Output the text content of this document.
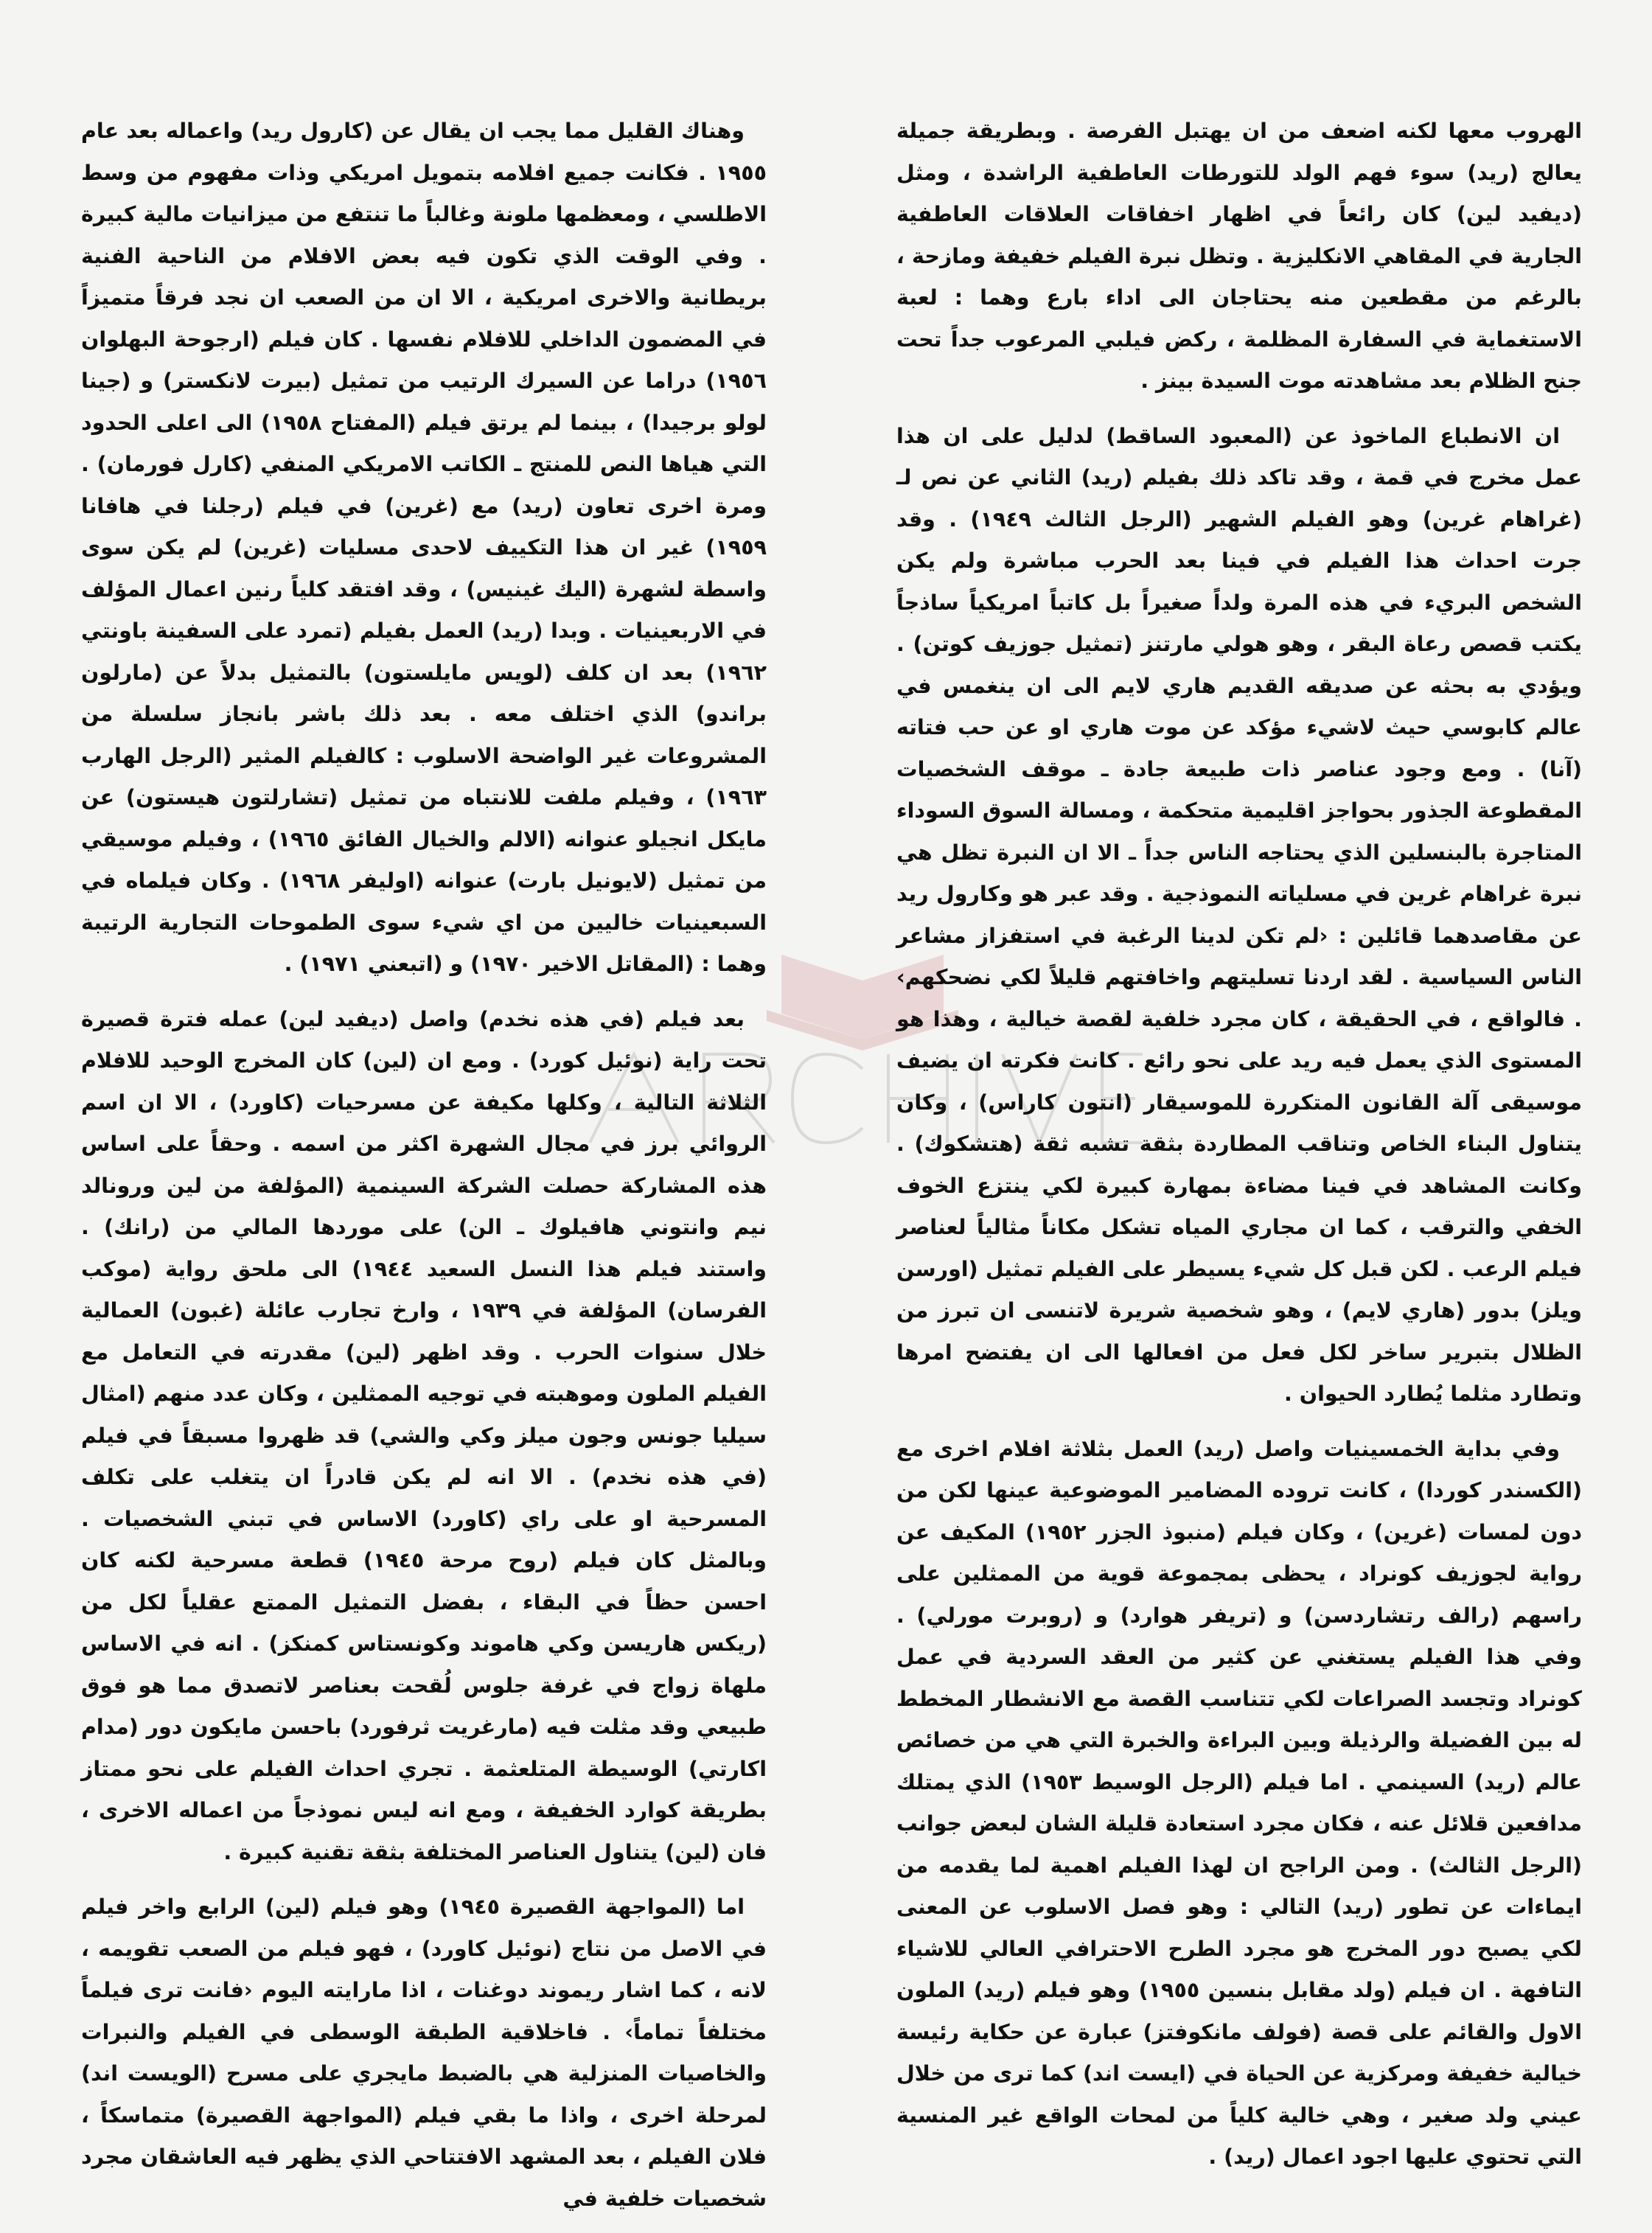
الهروب معها لكنه اضعف من ان يهتبل الفرصة . وبطريقة جميلة يعالج (ريد) سوء فهم الولد للتورطات العاطفية الراشدة ، ومثل (ديفيد لين) كان رائعاً في اظهار اخفاقات العلاقات العاطفية الجارية في المقاهي الانكليزية . وتظل نبرة الفيلم خفيفة ومازحة ، بالرغم من مقطعين منه يحتاجان الى اداء بارع وهما : لعبة الاستغماية في السفارة المظلمة ، ركض فيلبي المرعوب جداً تحت جنح الظلام بعد مشاهدته موت السيدة بينز .

ان الانطباع الماخوذ عن (المعبود الساقط) لدليل على ان هذا عمل مخرج في قمة ، وقد تاكد ذلك بفيلم (ريد) الثاني عن نص لـ (غراهام غرين) وهو الفيلم الشهير (الرجل الثالث ١٩٤٩) . وقد جرت احداث هذا الفيلم في فينا بعد الحرب مباشرة ولم يكن الشخص البريء في هذه المرة ولداً صغيراً بل كاتباً امريكياً ساذجاً يكتب قصص رعاة البقر ، وهو هولي مارتنز (تمثيل جوزيف كوتن) . ويؤدي به بحثه عن صديقه القديم هاري لايم الى ان ينغمس في عالم كابوسي حيث لاشيء مؤكد عن موت هاري او عن حب فتاته (آنا) . ومع وجود عناصر ذات طبيعة جادة ـ موقف الشخصيات المقطوعة الجذور بحواجز اقليمية متحكمة ، ومسالة السوق السوداء المتاجرة بالبنسلين الذي يحتاجه الناس جداً ـ الا ان النبرة تظل هي نبرة غراهام غرين في مسلياته النموذجية . وقد عبر هو وكارول ريد عن مقاصدهما قائلين : ‹لم تكن لدينا الرغبة في استفزاز مشاعر الناس السياسية . لقد اردنا تسليتهم واخافتهم قليلاً لكي نضحكهم› . فالواقع ، في الحقيقة ، كان مجرد خلفية لقصة خيالية ، وهذا هو المستوى الذي يعمل فيه ريد على نحو رائع . كانت فكرته ان يضيف موسيقى آلة القانون المتكررة للموسيقار (انتون كاراس) ، وكان يتناول البناء الخاص وتناقب المطاردة بثقة تشبه ثقة (هتشكوك) . وكانت المشاهد في فينا مضاءة بمهارة كبيرة لكي ينتزع الخوف الخفي والترقب ، كما ان مجاري المياه تشكل مكاناً مثالياً لعناصر فيلم الرعب . لكن قبل كل شيء يسيطر على الفيلم تمثيل (اورسن ويلز) بدور (هاري لايم) ، وهو شخصية شريرة لاتنسى ان تبرز من الظلال بتبرير ساخر لكل فعل من افعالها الى ان يفتضح امرها وتطارد مثلما يُطارد الحيوان .

وفي بداية الخمسينيات واصل (ريد) العمل بثلاثة افلام اخرى مع (الكسندر كوردا) ، كانت تروده المضامير الموضوعية عينها لكن من دون لمسات (غرين) ، وكان فيلم (منبوذ الجزر ١٩٥٢) المكيف عن رواية لجوزيف كونراد ، يحظى بمجموعة قوية من الممثلين على راسهم (رالف رتشاردسن) و (تريفر هوارد) و (روبرت مورلي) . وفي هذا الفيلم يستغني عن كثير من العقد السردية في عمل كونراد وتجسد الصراعات لكي تتناسب القصة مع الانشطار المخطط له بين الفضيلة والرذيلة وبين البراءة والخبرة التي هي من خصائص عالم (ريد) السينمي . اما فيلم (الرجل الوسيط ١٩٥٣) الذي يمتلك مدافعين قلائل عنه ، فكان مجرد استعادة قليلة الشان لبعض جوانب (الرجل الثالث) . ومن الراجح ان لهذا الفيلم اهمية لما يقدمه من ايماءات عن تطور (ريد) التالي : وهو فصل الاسلوب عن المعنى لكي يصبح دور المخرج هو مجرد الطرح الاحترافي العالي للاشياء التافهة . ان فيلم (ولد مقابل بنسين ١٩٥٥) وهو فيلم (ريد) الملون الاول والقائم على قصة (فولف مانكوفتز) عبارة عن حكاية رئيسة خيالية خفيفة ومركزية عن الحياة في (ايست اند) كما ترى من خلال عيني ولد صغير ، وهي خالية كلياً من لمحات الواقع غير المنسية التي تحتوي عليها اجود اعمال (ريد) .

وهناك القليل مما يجب ان يقال عن (كارول ريد) واعماله بعد عام ١٩٥٥ . فكانت جميع افلامه بتمويل امريكي وذات مفهوم من وسط الاطلسي ، ومعظمها ملونة وغالباً ما تنتفع من ميزانيات مالية كبيرة . وفي الوقت الذي تكون فيه بعض الافلام من الناحية الفنية بريطانية والاخرى امريكية ، الا ان من الصعب ان نجد فرقاً متميزاً في المضمون الداخلي للافلام نفسها . كان فيلم (ارجوحة البهلوان ١٩٥٦) دراما عن السيرك الرتيب من تمثيل (بيرت لانكستر) و (جينا لولو برجيدا) ، بينما لم يرتق فيلم (المفتاح ١٩٥٨) الى اعلى الحدود التي هياها النص للمنتج ـ الكاتب الامريكي المنفي (كارل فورمان) . ومرة اخرى تعاون (ريد) مع (غرين) في فيلم (رجلنا في هافانا ١٩٥٩) غير ان هذا التكييف لاحدى مسليات (غرين) لم يكن سوى واسطة لشهرة (اليك غينيس) ، وقد افتقد كلياً رنين اعمال المؤلف في الاربعينيات . وبدا (ريد) العمل بفيلم (تمرد على السفينة باونتي ١٩٦٢) بعد ان كلف (لويس مايلستون) بالتمثيل بدلاً عن (مارلون براندو) الذي اختلف معه . بعد ذلك باشر بانجاز سلسلة من المشروعات غير الواضحة الاسلوب : كالفيلم المثير (الرجل الهارب ١٩٦٣) ، وفيلم ملفت للانتباه من تمثيل (تشارلتون هيستون) عن مايكل انجيلو عنوانه (الالم والخيال الفائق ١٩٦٥) ، وفيلم موسيقي من تمثيل (لايونيل بارت) عنوانه (اوليفر ١٩٦٨) . وكان فيلماه في السبعينيات خاليين من اي شيء سوى الطموحات التجارية الرتيبة وهما : (المقاتل الاخير ١٩٧٠) و (اتبعني ١٩٧١) .

بعد فيلم (في هذه نخدم) واصل (ديفيد لين) عمله فترة قصيرة تحت راية (نوئيل كورد) . ومع ان (لين) كان المخرج الوحيد للافلام الثلاثة التالية ، وكلها مكيفة عن مسرحيات (كاورد) ، الا ان اسم الروائي برز في مجال الشهرة اكثر من اسمه . وحقاً على اساس هذه المشاركة حصلت الشركة السينمية (المؤلفة من لين ورونالد نيم وانتوني هافيلوك ـ الن) على موردها المالي من (رانك) . واستند فيلم هذا النسل السعيد ١٩٤٤) الى ملحق رواية (موكب الفرسان) المؤلفة في ١٩٣٩ ، وارخ تجارب عائلة (غبون) العمالية خلال سنوات الحرب . وقد اظهر (لين) مقدرته في التعامل مع الفيلم الملون وموهبته في توجيه الممثلين ، وكان عدد منهم (امثال سيليا جونس وجون ميلز وكي والشي) قد ظهروا مسبقاً في فيلم (في هذه نخدم) . الا انه لم يكن قادراً ان يتغلب على تكلف المسرحية او على راي (كاورد) الاساس في تبني الشخصيات . وبالمثل كان فيلم (روح مرحة ١٩٤٥) قطعة مسرحية لكنه كان احسن حظاً في البقاء ، بفضل التمثيل الممتع عقلياً لكل من (ريكس هاريسن وكي هاموند وكونستاس كمنكز) . انه في الاساس ملهاة زواج في غرفة جلوس لُقحت بعناصر لاتصدق مما هو فوق طبيعي وقد مثلت فيه (مارغريت ثرفورد) باحسن مايكون دور (مدام اكارتي) الوسيطة المتلعثمة . تجري احداث الفيلم على نحو ممتاز بطريقة كوارد الخفيفة ، ومع انه ليس نموذجاً من اعماله الاخرى ، فان (لين) يتناول العناصر المختلفة بثقة تقنية كبيرة .

اما (المواجهة القصيرة ١٩٤٥) وهو فيلم (لين) الرابع واخر فيلم في الاصل من نتاج (نوئيل كاورد) ، فهو فيلم من الصعب تقويمه ، لانه ، كما اشار ريموند دوغنات ، اذا مارايته اليوم ‹فانت ترى فيلماً مختلفاً تماماً› . فاخلاقية الطبقة الوسطى في الفيلم والنبرات والخاصيات المنزلية هي بالضبط مايجري على مسرح (الويست اند) لمرحلة اخرى ، واذا ما بقي فيلم (المواجهة القصيرة) متماسكاً ، فلان الفيلم ، بعد المشهد الافتتاحي الذي يظهر فيه العاشقان مجرد شخصيات خلفية في
